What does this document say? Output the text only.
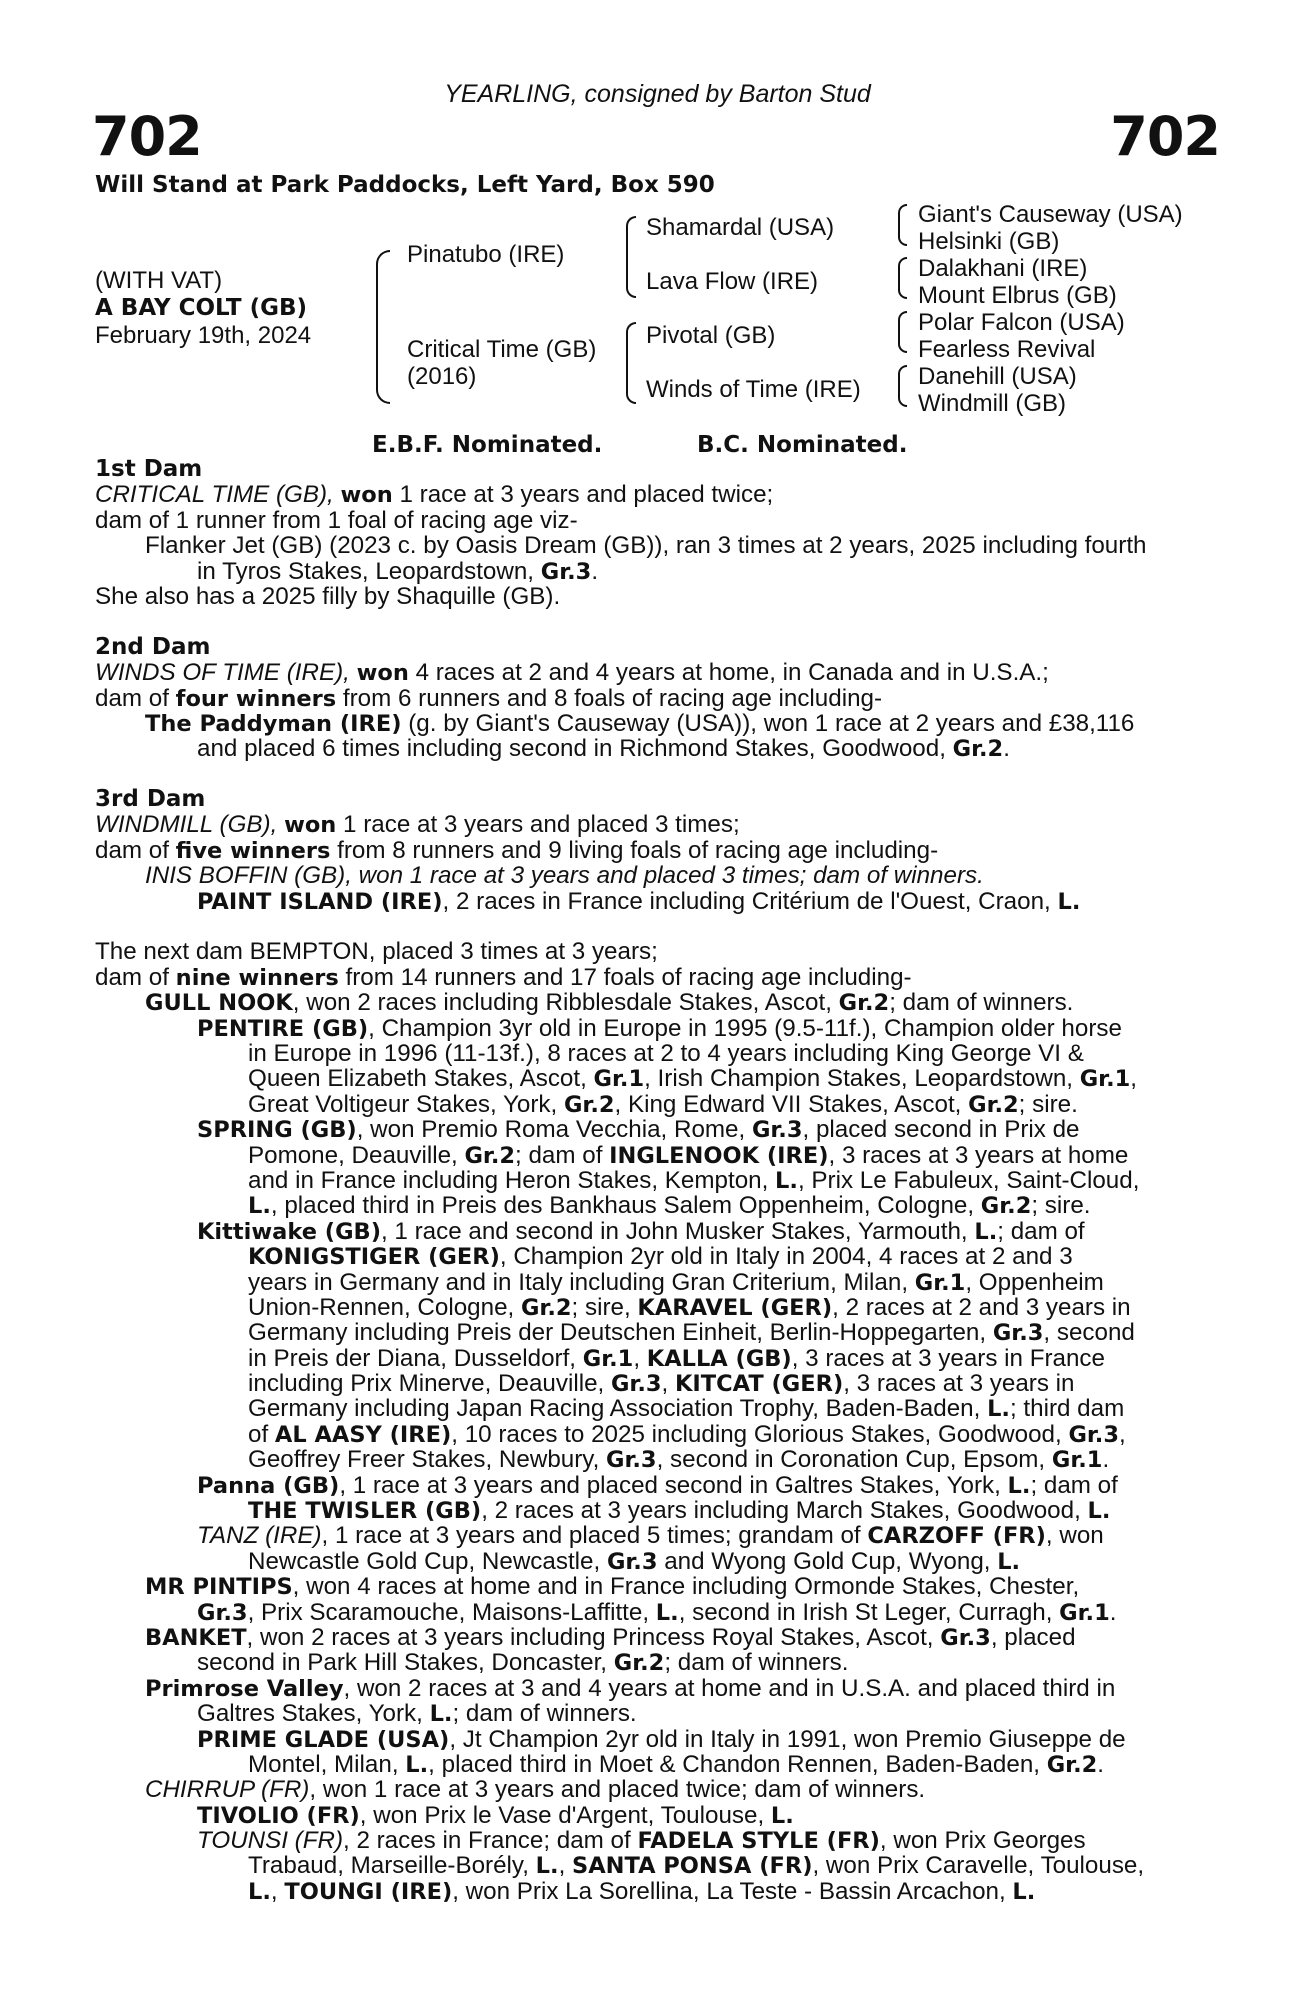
YEARLING, consigned by Barton Stud
702	702
Will Stand at Park Paddocks, Left Yard, Box 590
(WITH VAT)
A BAY COLT (GB)
February 19th, 2024
Pinatubo (IRE)
Critical Time (GB)
(2016)
Shamardal (USA)
Lava Flow (IRE)
Pivotal (GB)
Winds of Time (IRE)
Giant's Causeway (USA)
Helsinki (GB)
Dalakhani (IRE)
Mount Elbrus (GB)
Polar Falcon (USA)
Fearless Revival
Danehill (USA)
Windmill (GB)
E.B.F. Nominated.	B.C. Nominated.
1st Dam
CRITICAL TIME (GB), won 1 race at 3 years and placed twice;
dam of 1 runner from 1 foal of racing age viz-
Flanker Jet (GB) (2023 c. by Oasis Dream (GB)), ran 3 times at 2 years, 2025 including fourth
in Tyros Stakes, Leopardstown, Gr.3.
She also has a 2025 filly by Shaquille (GB).
2nd Dam
WINDS OF TIME (IRE), won 4 races at 2 and 4 years at home, in Canada and in U.S.A.;
dam of four winners from 6 runners and 8 foals of racing age including-
The Paddyman (IRE) (g. by Giant's Causeway (USA)), won 1 race at 2 years and £38,116
and placed 6 times including second in Richmond Stakes, Goodwood, Gr.2.
3rd Dam
WINDMILL (GB), won 1 race at 3 years and placed 3 times;
dam of five winners from 8 runners and 9 living foals of racing age including-
INIS BOFFIN (GB), won 1 race at 3 years and placed 3 times; dam of winners.
PAINT ISLAND (IRE), 2 races in France including Critérium de l'Ouest, Craon, L.
The next dam BEMPTON, placed 3 times at 3 years;
dam of nine winners from 14 runners and 17 foals of racing age including-
GULL NOOK, won 2 races including Ribblesdale Stakes, Ascot, Gr.2; dam of winners.
PENTIRE (GB), Champion 3yr old in Europe in 1995 (9.5-11f.), Champion older horse
in Europe in 1996 (11-13f.), 8 races at 2 to 4 years including King George VI &
Queen Elizabeth Stakes, Ascot, Gr.1, Irish Champion Stakes, Leopardstown, Gr.1,
Great Voltigeur Stakes, York, Gr.2, King Edward VII Stakes, Ascot, Gr.2; sire.
SPRING (GB), won Premio Roma Vecchia, Rome, Gr.3, placed second in Prix de
Pomone, Deauville, Gr.2; dam of INGLENOOK (IRE), 3 races at 3 years at home
and in France including Heron Stakes, Kempton, L., Prix Le Fabuleux, Saint-Cloud,
L., placed third in Preis des Bankhaus Salem Oppenheim, Cologne, Gr.2; sire.
Kittiwake (GB), 1 race and second in John Musker Stakes, Yarmouth, L.; dam of
KONIGSTIGER (GER), Champion 2yr old in Italy in 2004, 4 races at 2 and 3
years in Germany and in Italy including Gran Criterium, Milan, Gr.1, Oppenheim
Union-Rennen, Cologne, Gr.2; sire, KARAVEL (GER), 2 races at 2 and 3 years in
Germany including Preis der Deutschen Einheit, Berlin-Hoppegarten, Gr.3, second
in Preis der Diana, Dusseldorf, Gr.1, KALLA (GB), 3 races at 3 years in France
including Prix Minerve, Deauville, Gr.3, KITCAT (GER), 3 races at 3 years in
Germany including Japan Racing Association Trophy, Baden-Baden, L.; third dam
of AL AASY (IRE), 10 races to 2025 including Glorious Stakes, Goodwood, Gr.3,
Geoffrey Freer Stakes, Newbury, Gr.3, second in Coronation Cup, Epsom, Gr.1.
Panna (GB), 1 race at 3 years and placed second in Galtres Stakes, York, L.; dam of
THE TWISLER (GB), 2 races at 3 years including March Stakes, Goodwood, L.
TANZ (IRE), 1 race at 3 years and placed 5 times; grandam of CARZOFF (FR), won
Newcastle Gold Cup, Newcastle, Gr.3 and Wyong Gold Cup, Wyong, L.
MR PINTIPS, won 4 races at home and in France including Ormonde Stakes, Chester,
Gr.3, Prix Scaramouche, Maisons-Laffitte, L., second in Irish St Leger, Curragh, Gr.1.
BANKET, won 2 races at 3 years including Princess Royal Stakes, Ascot, Gr.3, placed
second in Park Hill Stakes, Doncaster, Gr.2; dam of winners.
Primrose Valley, won 2 races at 3 and 4 years at home and in U.S.A. and placed third in
Galtres Stakes, York, L.; dam of winners.
PRIME GLADE (USA), Jt Champion 2yr old in Italy in 1991, won Premio Giuseppe de
Montel, Milan, L., placed third in Moet & Chandon Rennen, Baden-Baden, Gr.2.
CHIRRUP (FR), won 1 race at 3 years and placed twice; dam of winners.
TIVOLIO (FR), won Prix le Vase d'Argent, Toulouse, L.
TOUNSI (FR), 2 races in France; dam of FADELA STYLE (FR), won Prix Georges
Trabaud, Marseille-Borély, L., SANTA PONSA (FR), won Prix Caravelle, Toulouse,
L., TOUNGI (IRE), won Prix La Sorellina, La Teste - Bassin Arcachon, L.
